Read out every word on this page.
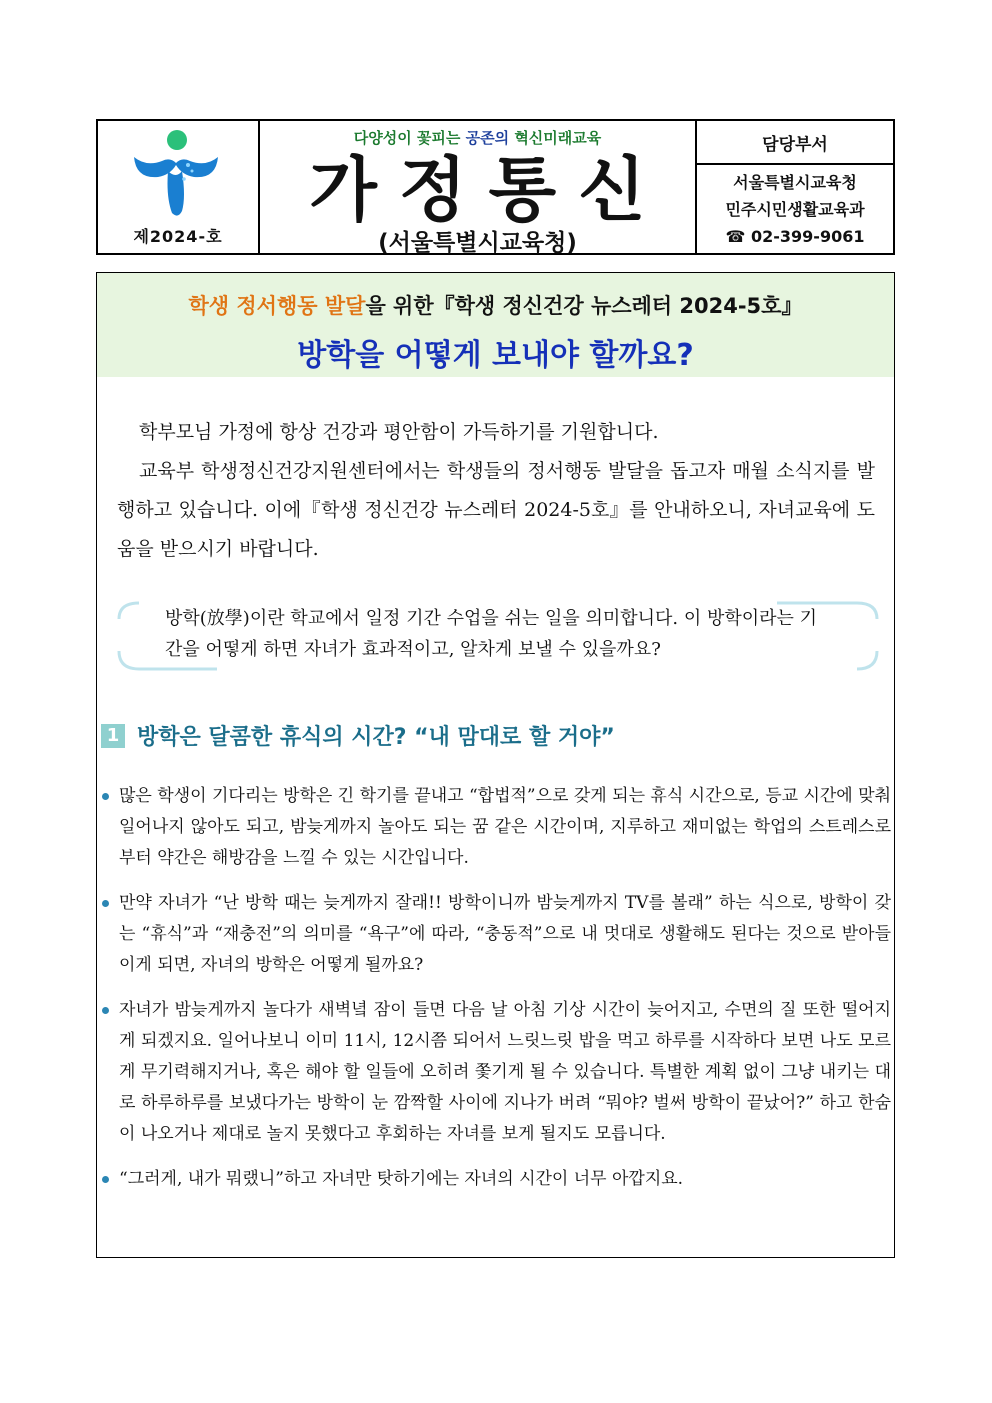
제2024-호
다양성이 꽃피는 공존의 혁신미래교육
가정통신
(서울특별시교육청)
담당부서
서울특별시교육청
민주시민생활교육과
☎ 02-399-9061
학생 정서행동 발달을 위한『학생 정신건강 뉴스레터 2024-5호』
방학을 어떻게 보내야 할까요?

학부모님 가정에 항상 건강과 평안함이 가득하기를 기원합니다.

교육부 학생정신건강지원센터에서는 학생들의 정서행동 발달을 돕고자 매월 소식지를 발행하고 있습니다. 이에『학생 정신건강 뉴스레터 2024-5호』를 안내하오니, 자녀교육에 도움을 받으시기 바랍니다.

방학(放學)이란 학교에서 일정 기간 수업을 쉬는 일을 의미합니다. 이 방학이라는 기간을 어떻게 하면 자녀가 효과적이고, 알차게 보낼 수 있을까요?
1 방학은 달콤한 휴식의 시간? “내 맘대로 할 거야”
많은 학생이 기다리는 방학은 긴 학기를 끝내고 “합법적”으로 갖게 되는 휴식 시간으로, 등교 시간에 맞춰 일어나지 않아도 되고, 밤늦게까지 놀아도 되는 꿈 같은 시간이며, 지루하고 재미없는 학업의 스트레스로부터 약간은 해방감을 느낄 수 있는 시간입니다.
만약 자녀가 “난 방학 때는 늦게까지 잘래!! 방학이니까 밤늦게까지 TV를 볼래” 하는 식으로, 방학이 갖는 “휴식”과 “재충전”의 의미를 “욕구”에 따라, “충동적”으로 내 멋대로 생활해도 된다는 것으로 받아들이게 되면, 자녀의 방학은 어떻게 될까요?
자녀가 밤늦게까지 놀다가 새벽녘 잠이 들면 다음 날 아침 기상 시간이 늦어지고, 수면의 질 또한 떨어지게 되겠지요. 일어나보니 이미 11시, 12시쯤 되어서 느릿느릿 밥을 먹고 하루를 시작하다 보면 나도 모르게 무기력해지거나, 혹은 해야 할 일들에 오히려 쫓기게 될 수 있습니다. 특별한 계획 없이 그냥 내키는 대로 하루하루를 보냈다가는 방학이 눈 깜짝할 사이에 지나가 버려 “뭐야? 벌써 방학이 끝났어?” 하고 한숨이 나오거나 제대로 놀지 못했다고 후회하는 자녀를 보게 될지도 모릅니다.
“그러게, 내가 뭐랬니”하고 자녀만 탓하기에는 자녀의 시간이 너무 아깝지요.
